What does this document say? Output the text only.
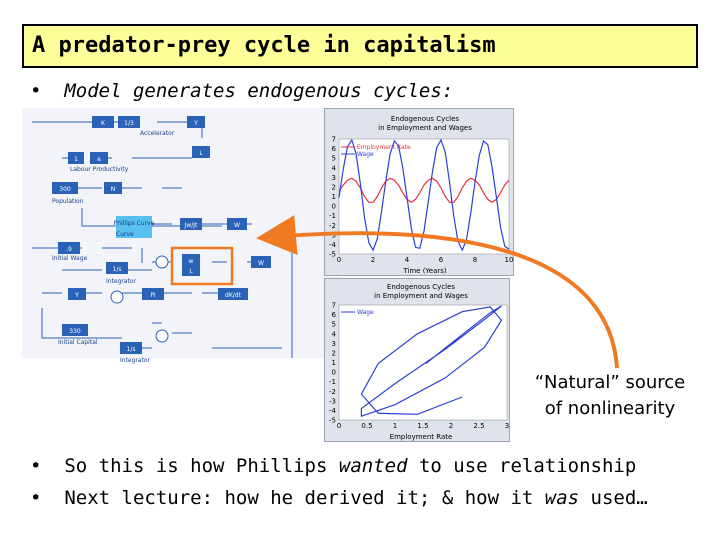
A predator-prey cycle in capitalism
•  Model generates endogenous cycles:
K	1/3	Y
1	a
L
300	N
Phillips Curve	Jw/Jt	W
.9
1/s
w
L
W
Y	Pi	dK/dt
330
1/s
Accelerator
Labour Productivity
Population
Initial Wage
Integrator
Initial Capital
Integrator
Curve
Endogenous Cycles
in Employment and Wages
7
6
5
4
3
2
1
0
-1
-2
-3
-4
-5
0	2	4	6	8	10
Employment Rate
Wage
Time (Years)
Endogenous Cycles
in Employment and Wages
7
6
5
4
3
2
1
0
-1
-2
-3
-4
-5
0	0.5	1	1.5	2	2.5	3
Wage
Employment Rate
“Natural” source
of nonlinearity
•  So this is how Phillips wanted to use relationship
•  Next lecture: how he derived it; & how it was used…
